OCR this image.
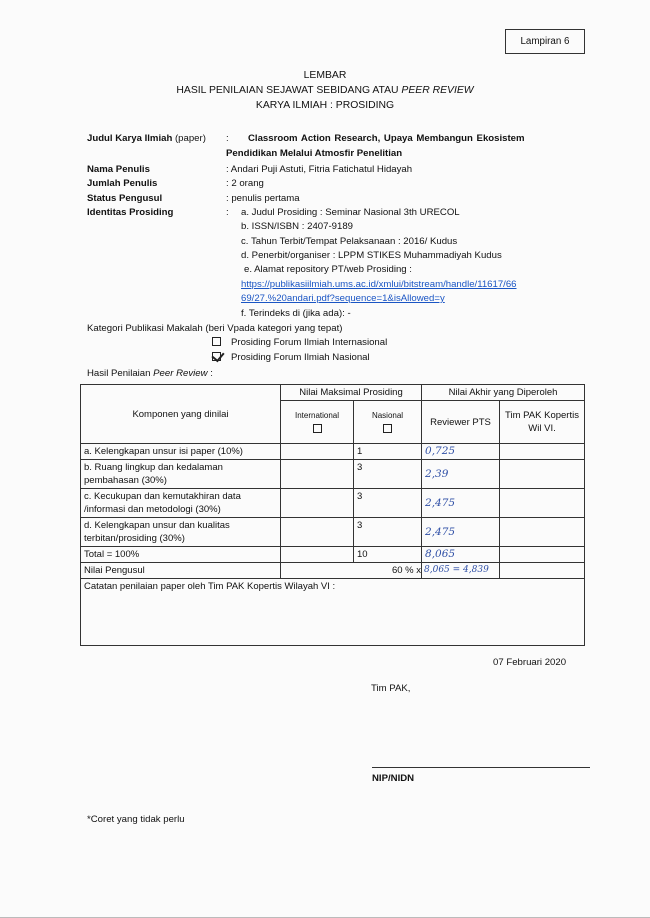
Lampiran 6
LEMBAR
HASIL PENILAIAN SEJAWAT SEBIDANG ATAU PEER REVIEW
KARYA ILMIAH : PROSIDING
Judul Karya Ilmiah (paper) : Classroom Action Research, Upaya Membangun Ekosistem
Pendidikan Melalui Atmosfir Penelitian
Nama Penulis	: Andari Puji Astuti, Fitria Fatichatul Hidayah
Jumlah Penulis	: 2 orang
Status Pengusul	: penulis pertama
Identitas Prosiding	: a. Judul Prosiding : Seminar Nasional 3th URECOL
b. ISSN/ISBN : 2407-9189
c. Tahun Terbit/Tempat Pelaksanaan : 2016/ Kudus
d. Penerbit/organiser : LPPM STIKES Muhammadiyah Kudus
e. Alamat repository PT/web Prosiding :
https://publikasiilmiah.ums.ac.id/xmlui/bitstream/handle/11617/66
69/27.%20andari.pdf?sequence=1&isAllowed=y
f. Terindeks di (jika ada): -
Kategori Publikasi Makalah (beri Vpada kategori yang tepat)
Prosiding Forum Ilmiah Internasional
Prosiding Forum Ilmiah Nasional
Hasil Penilaian Peer Review :
Komponen yang dinilai	Nilai Maksimal Prosiding		Nilai Akhir yang Diperoleh	

	International	Nasional	Reviewer PTS	Tim PAK Kopertis Wil VI.
a. Kelengkapan unsur isi paper (10%)		1	0,725	
b. Ruang lingkup dan kedalaman pembahasan (30%)		3	2,39	
c. Kecukupan dan kemutakhiran data /informasi dan metodologi (30%)		3	2,475	
d. Kelengkapan unsur dan kualitas terbitan/prosiding (30%)		3	2,475	
Total = 100%		10	8,065	
Nilai Pengusul	60 % x		8,065 = 4,839	
Catatan penilaian paper oleh Tim PAK Kopertis Wilayah VI :				
07 Februari 2020
Tim PAK,
NIP/NIDN
*Coret yang tidak perlu
